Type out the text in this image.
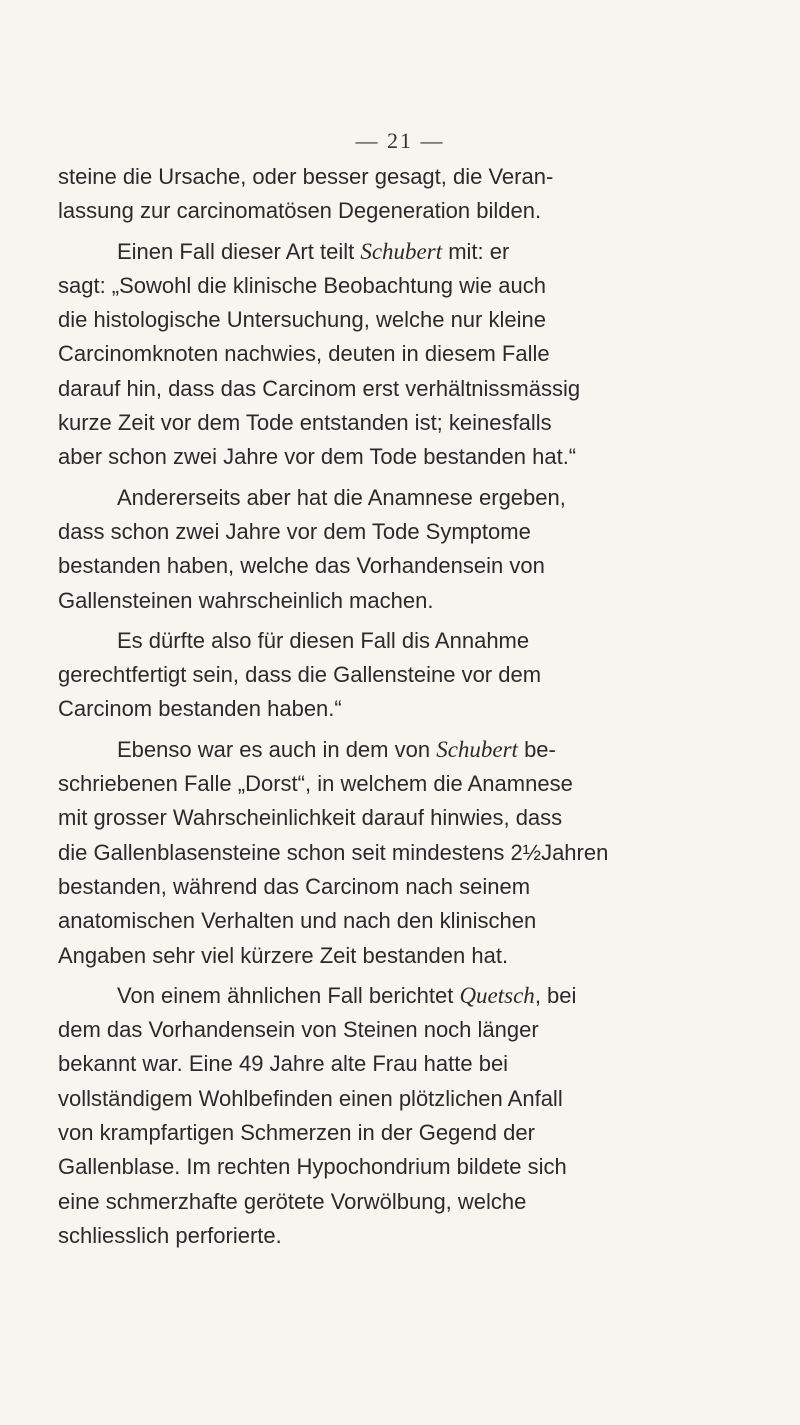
— 21 —

steine die Ursache, oder besser gesagt, die Veran-
lassung zur carcinomatösen Degeneration bilden.

Einen Fall dieser Art teilt Schubert mit: er
sagt: „Sowohl die klinische Beobachtung wie auch
die histologische Untersuchung, welche nur kleine
Carcinomknoten nachwies, deuten in diesem Falle
darauf hin, dass das Carcinom erst verhältnissmässig
kurze Zeit vor dem Tode entstanden ist; keinesfalls
aber schon zwei Jahre vor dem Tode bestanden hat.“

Andererseits aber hat die Anamnese ergeben,
dass schon zwei Jahre vor dem Tode Symptome
bestanden haben, welche das Vorhandensein von
Gallensteinen wahrscheinlich machen.

Es dürfte also für diesen Fall dis Annahme
gerechtfertigt sein, dass die Gallensteine vor dem
Carcinom bestanden haben.“

Ebenso war es auch in dem von Schubert be-
schriebenen Falle „Dorst“, in welchem die Anamnese
mit grosser Wahrscheinlichkeit darauf hinwies, dass
die Gallenblasensteine schon seit mindestens 2½Jahren
bestanden, während das Carcinom nach seinem
anatomischen Verhalten und nach den klinischen
Angaben sehr viel kürzere Zeit bestanden hat.

Von einem ähnlichen Fall berichtet Quetsch, bei
dem das Vorhandensein von Steinen noch länger
bekannt war. Eine 49 Jahre alte Frau hatte bei
vollständigem Wohlbefinden einen plötzlichen Anfall
von krampfartigen Schmerzen in der Gegend der
Gallenblase. Im rechten Hypochondrium bildete sich
eine schmerzhafte gerötete Vorwölbung, welche
schliesslich perforierte.
